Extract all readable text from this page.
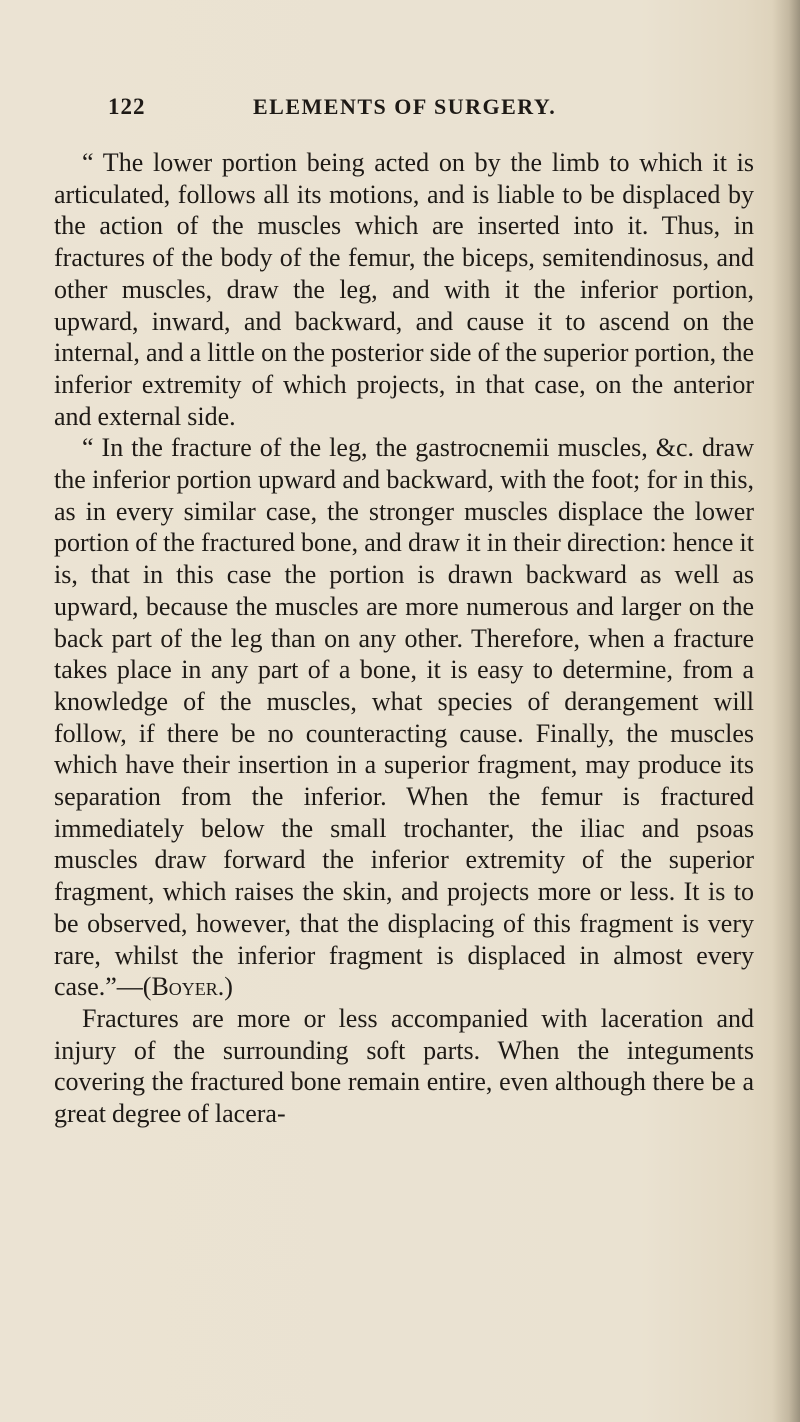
122	ELEMENTS OF SURGERY.

“ The lower portion being acted on by the limb to which it is articulated, follows all its motions, and is liable to be displaced by the action of the muscles which are inserted into it. Thus, in fractures of the body of the femur, the biceps, semitendinosus, and other muscles, draw the leg, and with it the inferior portion, upward, inward, and backward, and cause it to ascend on the internal, and a little on the posterior side of the superior portion, the inferior extremity of which projects, in that case, on the anterior and external side.

“ In the fracture of the leg, the gastrocnemii muscles, &c. draw the inferior portion upward and backward, with the foot; for in this, as in every similar case, the stronger muscles displace the lower portion of the fractured bone, and draw it in their direction: hence it is, that in this case the portion is drawn backward as well as upward, because the muscles are more numerous and larger on the back part of the leg than on any other. Therefore, when a fracture takes place in any part of a bone, it is easy to determine, from a knowledge of the muscles, what species of derangement will follow, if there be no counteracting cause. Finally, the muscles which have their insertion in a superior fragment, may produce its separation from the inferior. When the femur is fractured immediately below the small trochanter, the iliac and psoas muscles draw forward the inferior extremity of the superior fragment, which raises the skin, and projects more or less. It is to be observed, however, that the displacing of this fragment is very rare, whilst the inferior fragment is displaced in almost every case.”—(Boyer.)

Fractures are more or less accompanied with laceration and injury of the surrounding soft parts. When the integuments covering the fractured bone remain entire, even although there be a great degree of lacera-
